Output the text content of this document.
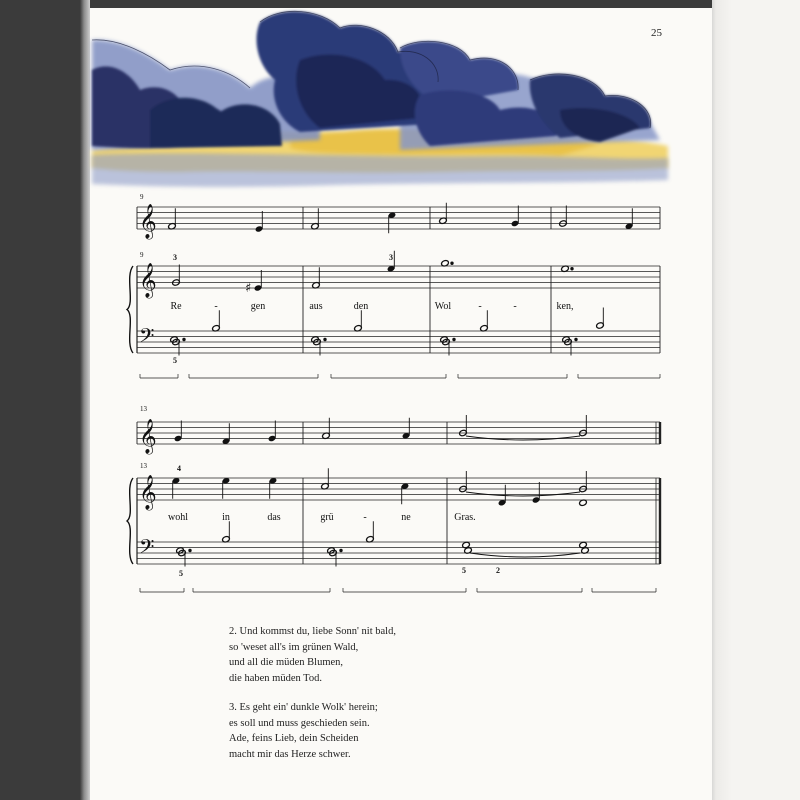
𝄞
𝄞
𝄢
♯
𝄞
𝄞
𝄢
9
9
13
13
Re	-	gen	aus	den	Wol	-	-	ken,
wohl	in	das	grü	-	ne	Gras.
3	3
5
4
5	5	2
25
2. Und kommst du, liebe Sonn' nit bald,
so 'weset all's im grünen Wald,
und all die müden Blumen,
die haben müden Tod.
3. Es geht ein' dunkle Wolk' herein;
es soll und muss geschieden sein.
Ade, feins Lieb, dein Scheiden
macht mir das Herze schwer.
